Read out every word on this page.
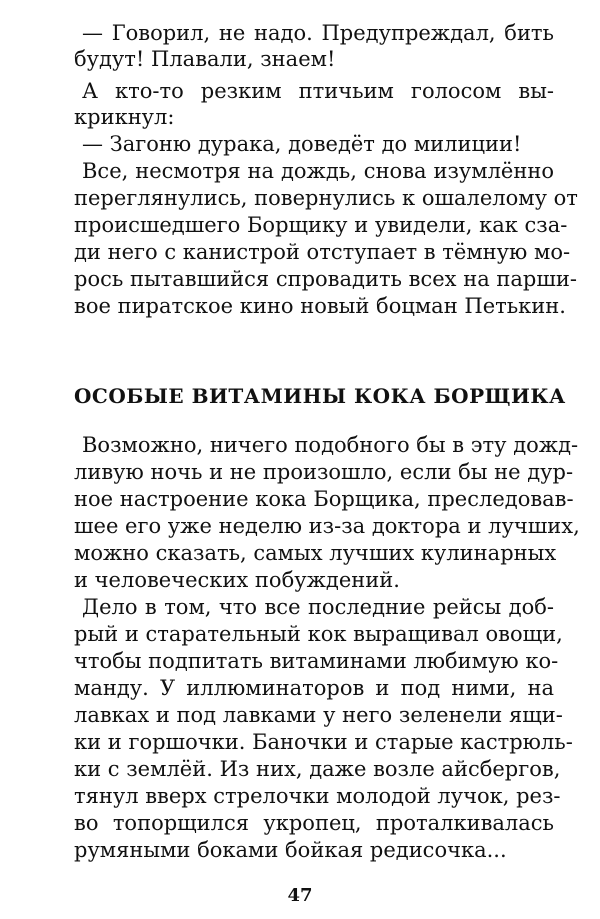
— Говорил, не надо. Предупреждал, бить
будут! Плавали, знаем!
А кто-то резким птичьим голосом вы-
крикнул:
— Загоню дурака, доведёт до милиции!
Все, несмотря на дождь, снова изумлённо
переглянулись, повернулись к ошалелому от
происшедшего Борщику и увидели, как сза-
ди него с канистрой отступает в тёмную мо-
рось пытавшийся спровадить всех на парши-
вое пиратское кино новый боцман Петькин.
ОСОБЫЕ ВИТАМИНЫ КОКА БОРЩИКА
Возможно, ничего подобного бы в эту дожд-
ливую ночь и не произошло, если бы не дур-
ное настроение кока Борщика, преследовав-
шее его уже неделю из-за доктора и лучших,
можно сказать, самых лучших кулинарных
и человеческих побуждений.
Дело в том, что все последние рейсы доб-
рый и старательный кок выращивал овощи,
чтобы подпитать витаминами любимую ко-
манду. У иллюминаторов и под ними, на
лавках и под лавками у него зеленели ящи-
ки и горшочки. Баночки и старые кастрюль-
ки с землёй. Из них, даже возле айсбергов,
тянул вверх стрелочки молодой лучок, рез-
во топорщился укропец, проталкивалась
румяными боками бойкая редисочка...
47
